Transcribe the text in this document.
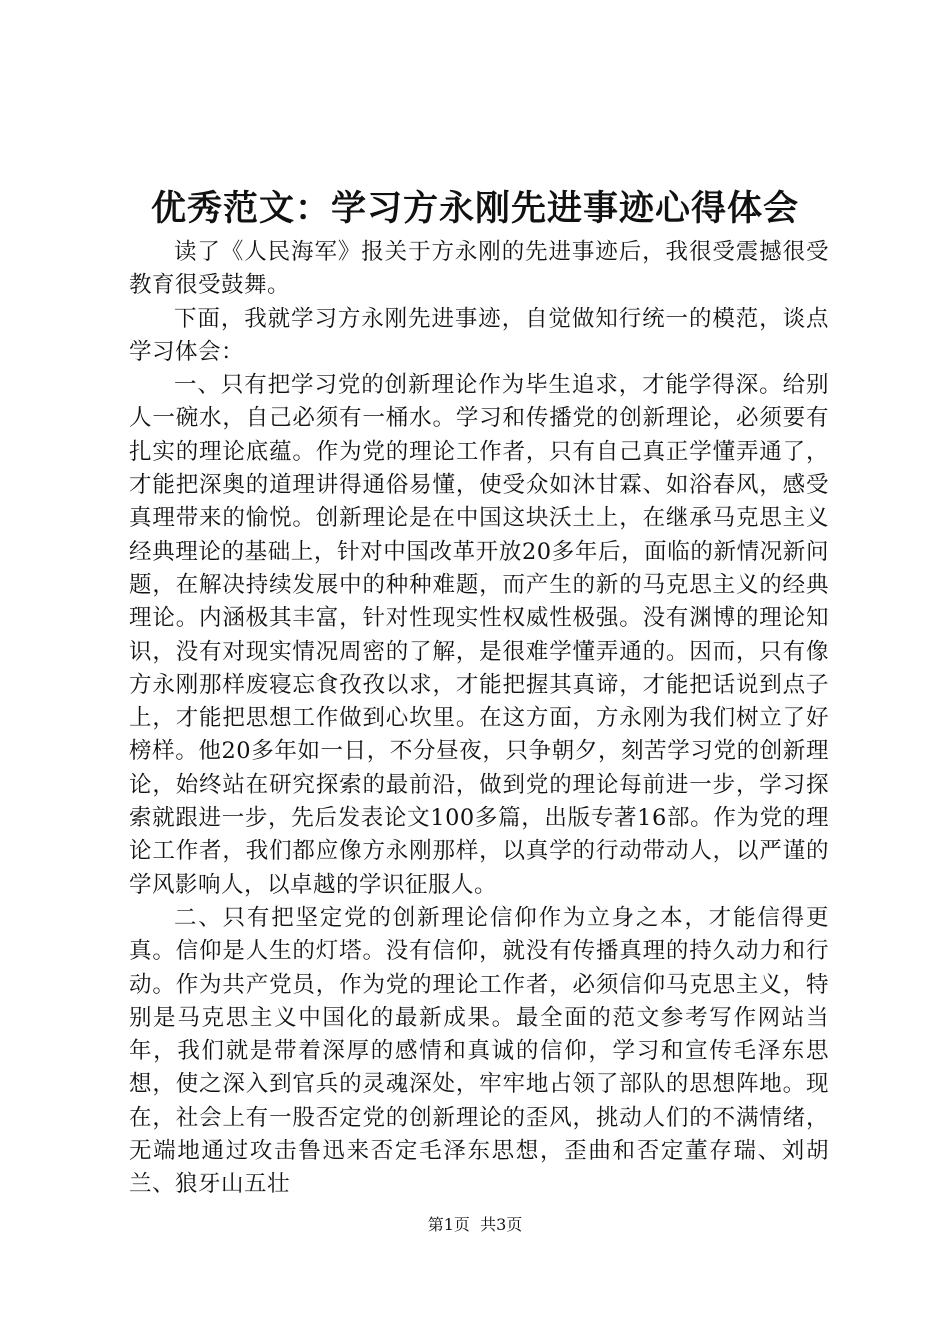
优秀范文：学习方永刚先进事迹心得体会

读了《人民海军》报关于方永刚的先进事迹后，我很受震撼很受教育很受鼓舞。

下面，我就学习方永刚先进事迹，自觉做知行统一的模范，谈点学习体会：

一、只有把学习党的创新理论作为毕生追求，才能学得深。给别人一碗水，自己必须有一桶水。学习和传播党的创新理论，必须要有扎实的理论底蕴。作为党的理论工作者，只有自己真正学懂弄通了，才能把深奥的道理讲得通俗易懂，使受众如沐甘霖、如浴春风，感受真理带来的愉悦。创新理论是在中国这块沃土上，在继承马克思主义经典理论的基础上，针对中国改革开放20多年后，面临的新情况新问题，在解决持续发展中的种种难题，而产生的新的马克思主义的经典理论。内涵极其丰富，针对性现实性权威性极强。没有渊博的理论知识，没有对现实情况周密的了解，是很难学懂弄通的。因而，只有像方永刚那样废寝忘食孜孜以求，才能把握其真谛，才能把话说到点子上，才能把思想工作做到心坎里。在这方面，方永刚为我们树立了好榜样。他20多年如一日，不分昼夜，只争朝夕，刻苦学习党的创新理论，始终站在研究探索的最前沿，做到党的理论每前进一步，学习探索就跟进一步，先后发表论文100多篇，出版专著16部。作为党的理论工作者，我们都应像方永刚那样，以真学的行动带动人，以严谨的学风影响人，以卓越的学识征服人。

二、只有把坚定党的创新理论信仰作为立身之本，才能信得更真。信仰是人生的灯塔。没有信仰，就没有传播真理的持久动力和行动。作为共产党员，作为党的理论工作者，必须信仰马克思主义，特别是马克思主义中国化的最新成果。最全面的范文参考写作网站当年，我们就是带着深厚的感情和真诚的信仰，学习和宣传毛泽东思想，使之深入到官兵的灵魂深处，牢牢地占领了部队的思想阵地。现在，社会上有一股否定党的创新理论的歪风，挑动人们的不满情绪，无端地通过攻击鲁迅来否定毛泽东思想，歪曲和否定董存瑞、刘胡兰、狼牙山五壮

第1页  共3页
